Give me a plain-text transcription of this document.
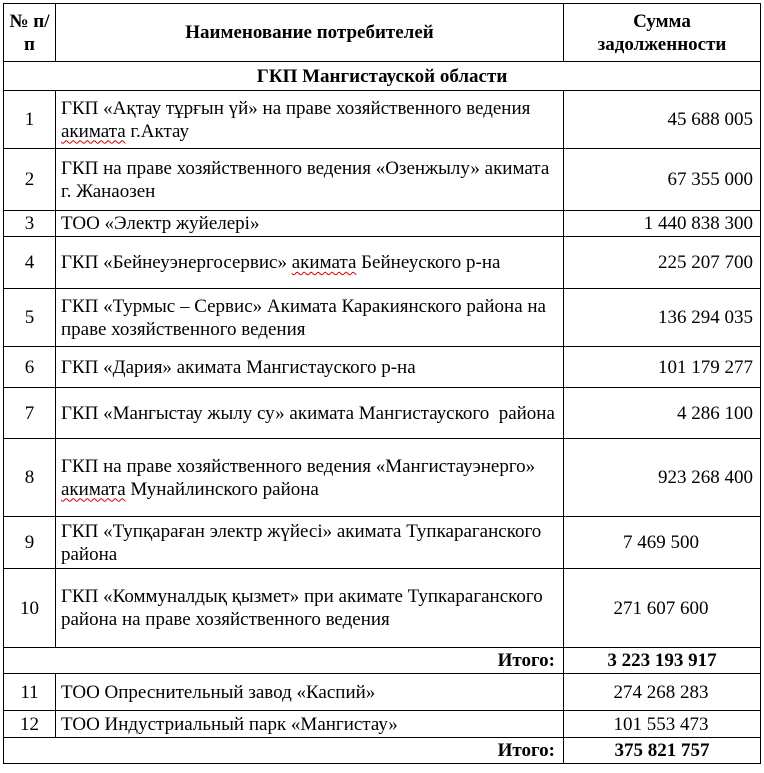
№ п/п	Наименование потребителей	Сумма задолженности
ГКП Мангистауской области		
1	ГКП «Ақтау тұрғын үй» на праве хозяйственного ведения акимата г.Актау	45 688 005
2	ГКП на праве хозяйственного ведения «Озенжылу» акимата г. Жанаозен	67 355 000
3	ТОО «Электр жуйелері»	1 440 838 300
4	ГКП «Бейнеуэнергосервис» акимата Бейнеуского р-на	225 207 700
5	ГКП «Турмыс – Сервис» Акимата Каракиянского района на праве хозяйственного ведения	136 294 035
6	ГКП «Дария» акимата Мангистауского р-на	101 179 277
7	ГКП «Мангыстау жылу су» акимата Мангистауского  района	4 286 100
8	ГКП на праве хозяйственного ведения «Мангистауэнерго» акимата Мунайлинского района	923 268 400
9	ГКП «Тупқараған электр жүйесі» акимата Тупкараганского района	7 469 500
10	ГКП «Коммуналдық қызмет» при акимате Тупкараганского района на праве хозяйственного ведения	271 607 600
Итого:		3 223 193 917
11	ТОО Опреснительный завод «Каспий»	274 268 283
12	ТОО Индустриальный парк «Мангистау»	101 553 473
Итого:		375 821 757
